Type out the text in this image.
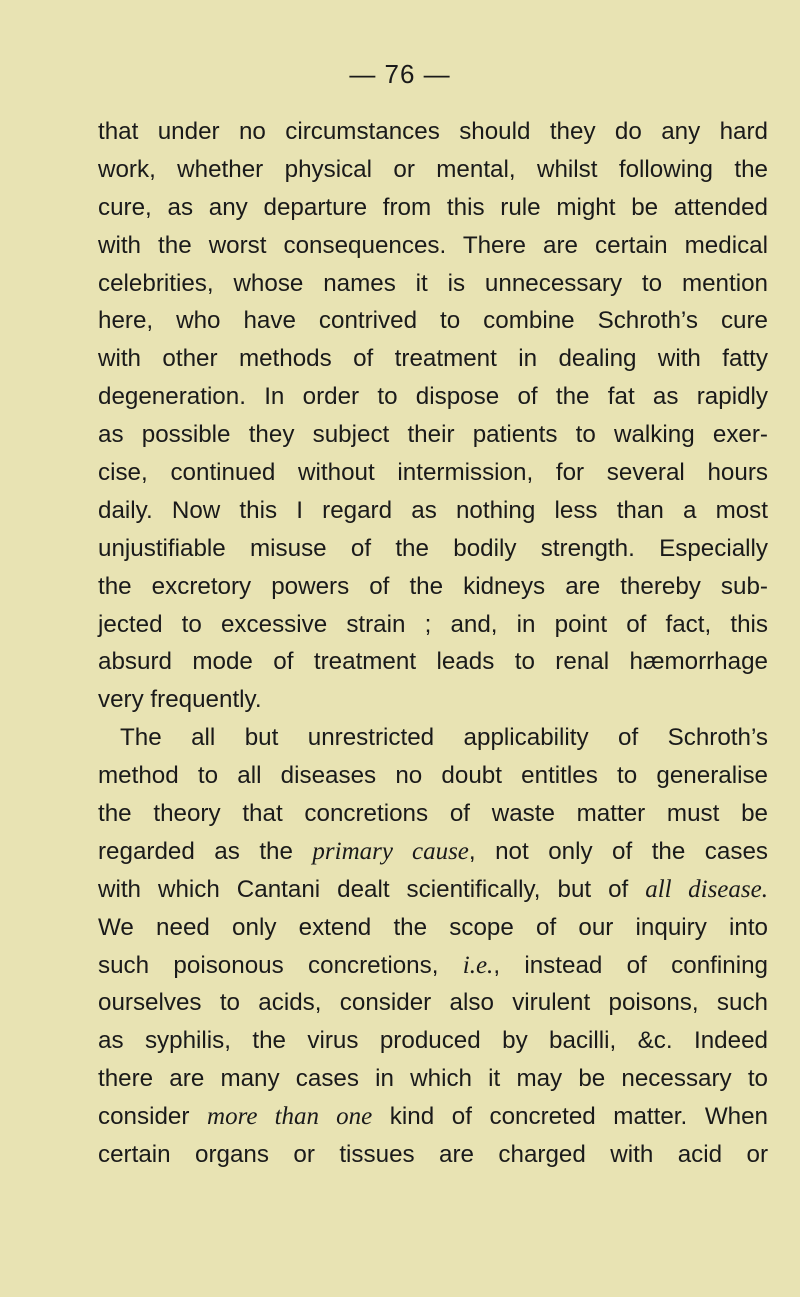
— 76 —
that under no circumstances should they do any hard
work, whether physical or mental, whilst following the
cure, as any departure from this rule might be attended
with the worst consequences. There are certain medical
celebrities, whose names it is unnecessary to mention
here, who have contrived to combine Schroth’s cure
with other methods of treatment in dealing with fatty
degeneration. In order to dispose of the fat as rapidly
as possible they subject their patients to walking exer-
cise, continued without intermission, for several hours
daily. Now this I regard as nothing less than a most
unjustifiable misuse of the bodily strength. Especially
the excretory powers of the kidneys are thereby sub-
jected to excessive strain ; and, in point of fact, this
absurd mode of treatment leads to renal hæmorrhage
very frequently.
The all but unrestricted applicability of Schroth’s
method to all diseases no doubt entitles to generalise
the theory that concretions of waste matter must be
regarded as the primary cause, not only of the cases
with which Cantani dealt scientifically, but of all disease.
We need only extend the scope of our inquiry into
such poisonous concretions, i.e., instead of confining
ourselves to acids, consider also virulent poisons, such
as syphilis, the virus produced by bacilli, &c. Indeed
there are many cases in which it may be necessary to
consider more than one kind of concreted matter. When
certain organs or tissues are charged with acid or
